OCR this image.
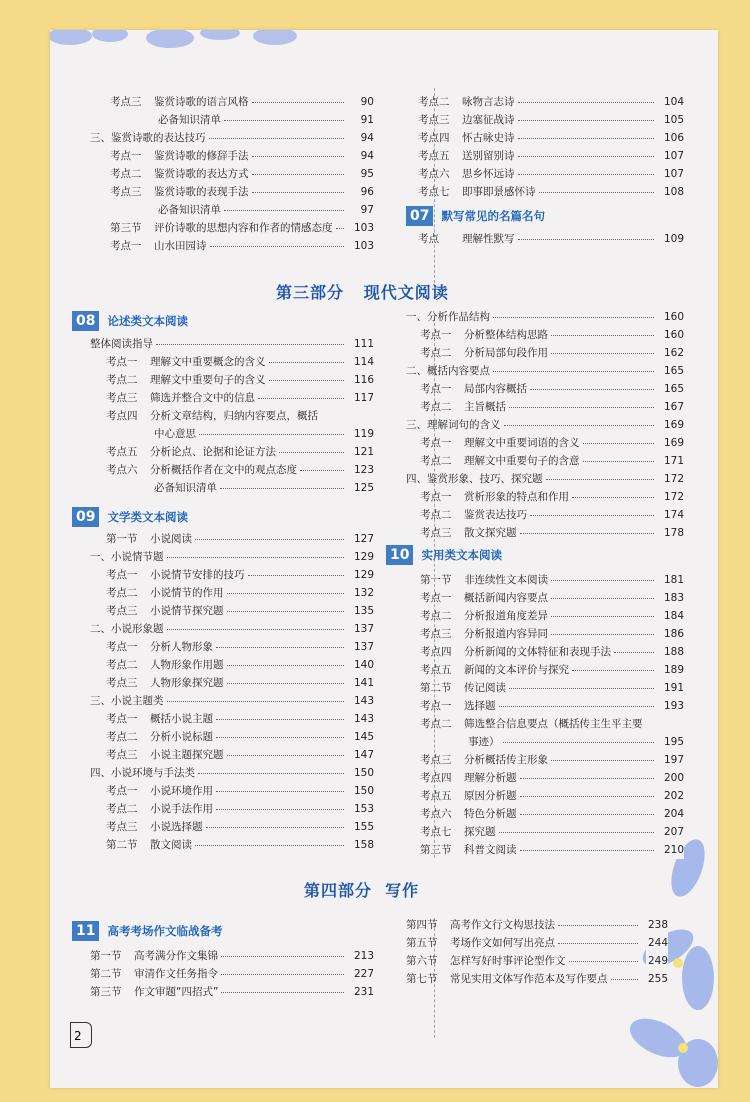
考点三 鉴赏诗歌的语言风格	90
必备知识清单	91
三、鉴赏诗歌的表达技巧	94
考点一 鉴赏诗歌的修辞手法	94
考点二 鉴赏诗歌的表达方式	95
考点三 鉴赏诗歌的表现手法	96
必备知识清单	97
第三节 评价诗歌的思想内容和作者的情感态度 103
考点一 山水田园诗	103
考点二 咏物言志诗	104
考点三 边塞征战诗	105
考点四 怀古咏史诗	106
考点五 送别留别诗	107
考点六 思乡怀远诗	107
考点七 即事即景感怀诗	108
07	默写常见的名篇名句
考点 理解性默写	109
第三部分 现代文阅读
08	论述类文本阅读
整体阅读指导	111
考点一 理解文中重要概念的含义	114
考点二 理解文中重要句子的含义	116
考点三 筛选并整合文中的信息	117
考点四 分析文章结构，归纳内容要点，概括
中心意思	119
考点五 分析论点、论据和论证方法	121
考点六 分析概括作者在文中的观点态度	123
必备知识清单	125
09	文学类文本阅读
第一节 小说阅读	127
一、小说情节题	129
考点一 小说情节安排的技巧	129
考点二 小说情节的作用	132
考点三 小说情节探究题	135
二、小说形象题	137
考点一 分析人物形象	137
考点二 人物形象作用题	140
考点三 人物形象探究题	141
三、小说主题类	143
考点一 概括小说主题	143
考点二 分析小说标题	145
考点三 小说主题探究题	147
四、小说环境与手法类	150
考点一 小说环境作用	150
考点二 小说手法作用	153
考点三 小说选择题	155
第二节 散文阅读	158
一、分析作品结构	160
考点一 分析整体结构思路	160
考点二 分析局部句段作用	162
二、概括内容要点	165
考点一 局部内容概括	165
考点二 主旨概括	167
三、理解词句的含义	169
考点一 理解文中重要词语的含义	169
考点二 理解文中重要句子的含意	171
四、鉴赏形象、技巧、探究题	172
考点一 赏析形象的特点和作用	172
考点二 鉴赏表达技巧	174
考点三 散文探究题	178
10	实用类文本阅读
第一节 非连续性文本阅读	181
考点一 概括新闻内容要点	183
考点二 分析报道角度差异	184
考点三 分析报道内容异同	186
考点四 分析新闻的文体特征和表现手法	188
考点五 新闻的文本评价与探究	189
第二节 传记阅读	191
考点一 选择题	193
考点二 筛选整合信息要点（概括传主生平主要
事迹）	195
考点三 分析概括传主形象	197
考点四 理解分析题	200
考点五 原因分析题	202
考点六 特色分析题	204
考点七 探究题	207
第三节 科普文阅读	210
第四部分 写作
11	高考考场作文临战备考
第一节 高考满分作文集锦	213
第二节 审清作文任务指令	227
第三节 作文审题“四招式”	231
第四节 高考作文行文构思技法	238
第五节 考场作文如何写出亮点	244
第六节 怎样写好时事评论型作文	249
第七节 常见实用文体写作范本及写作要点	255
2
